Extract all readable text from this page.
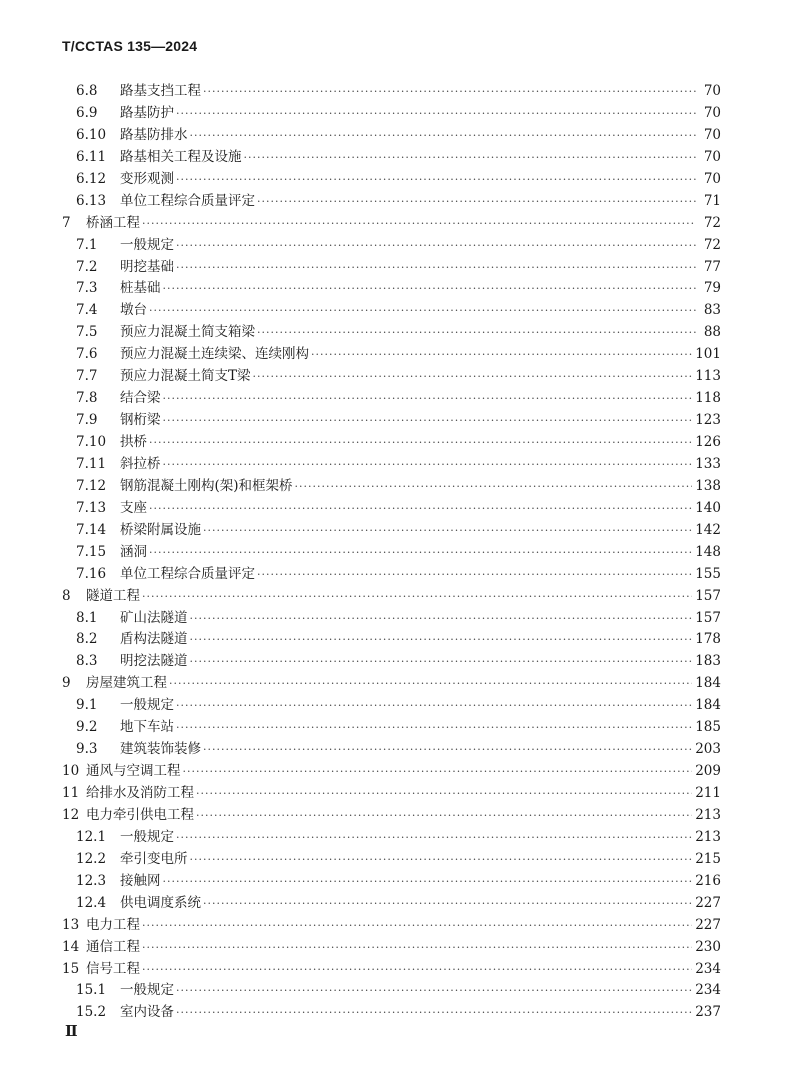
T/CCTAS 135—2024
6.8	路基支挡工程 ·····	70
6.9	路基防护 ·····	70
6.10	路基防排水 ·····	70
6.11	路基相关工程及设施 ·····	70
6.12	变形观测 ·····	70
6.13	单位工程综合质量评定 ·····	71
7	桥涵工程 ·····	72
7.1	一般规定 ·····	72
7.2	明挖基础 ·····	77
7.3	桩基础 ·····	79
7.4	墩台 ·····	83
7.5	预应力混凝土简支箱梁 ·····	88
7.6	预应力混凝土连续梁、连续刚构 ·····	101
7.7	预应力混凝土简支T梁 ·····	113
7.8	结合梁 ·····	118
7.9	钢桁梁 ·····	123
7.10	拱桥 ·····	126
7.11	斜拉桥 ·····	133
7.12	钢筋混凝土刚构(架)和框架桥 ·····	138
7.13	支座 ·····	140
7.14	桥梁附属设施 ·····	142
7.15	涵洞 ·····	148
7.16	单位工程综合质量评定 ·····	155
8	隧道工程 ·····	157
8.1	矿山法隧道 ·····	157
8.2	盾构法隧道 ·····	178
8.3	明挖法隧道 ·····	183
9	房屋建筑工程 ·····	184
9.1	一般规定 ·····	184
9.2	地下车站 ·····	185
9.3	建筑装饰装修 ·····	203
10 通风与空调工程 ·····	209
11 给排水及消防工程 ·····	211
12 电力牵引供电工程 ·····	213
12.1	一般规定 ·····	213
12.2	牵引变电所 ·····	215
12.3	接触网 ·····	216
12.4	供电调度系统 ·····	227
13 电力工程 ·····	227
14 通信工程 ·····	230
15 信号工程 ·····	234
15.1	一般规定 ·····	234
15.2	室内设备 ·····	237
Ⅱ
